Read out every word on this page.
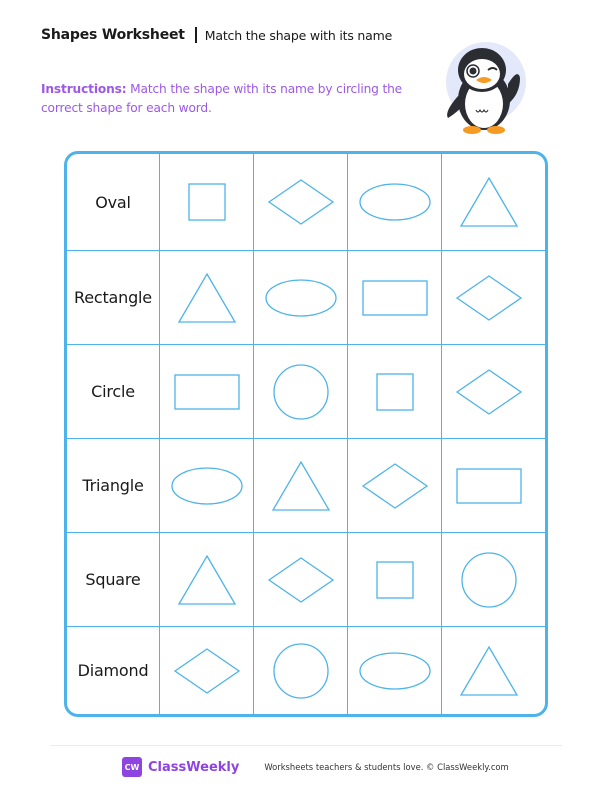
Shapes Worksheet Match the shape with its name
Instructions: Match the shape with its name by circling the correct shape for each word.
Oval
Rectangle
Circle
Triangle
Square
Diamond
CW ClassWeekly	Worksheets teachers & students love. © ClassWeekly.com
